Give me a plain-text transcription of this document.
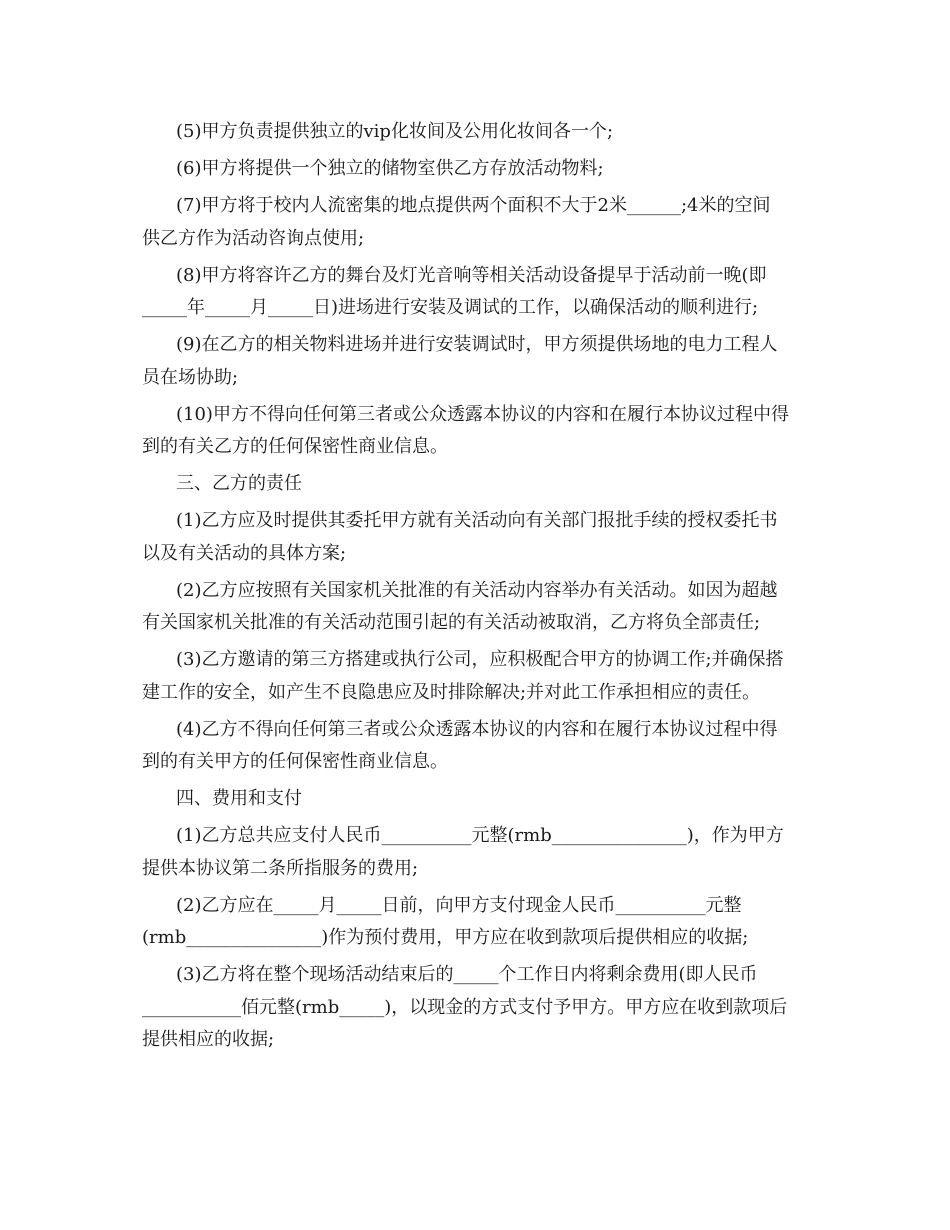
(5)甲方负责提供独立的vip化妆间及公用化妆间各一个;
(6)甲方将提供一个独立的储物室供乙方存放活动物料;
(7)甲方将于校内人流密集的地点提供两个面积不大于2米______;4米的空间
供乙方作为活动咨询点使用;
(8)甲方将容许乙方的舞台及灯光音响等相关活动设备提早于活动前一晚(即
_____年_____月_____日)进场进行安装及调试的工作，以确保活动的顺利进行;
(9)在乙方的相关物料进场并进行安装调试时，甲方须提供场地的电力工程人
员在场协助;
(10)甲方不得向任何第三者或公众透露本协议的内容和在履行本协议过程中得
到的有关乙方的任何保密性商业信息。
三、乙方的责任
(1)乙方应及时提供其委托甲方就有关活动向有关部门报批手续的授权委托书
以及有关活动的具体方案;
(2)乙方应按照有关国家机关批准的有关活动内容举办有关活动。如因为超越
有关国家机关批准的有关活动范围引起的有关活动被取消，乙方将负全部责任;
(3)乙方邀请的第三方搭建或执行公司，应积极配合甲方的协调工作;并确保搭
建工作的安全，如产生不良隐患应及时排除解决;并对此工作承担相应的责任。
(4)乙方不得向任何第三者或公众透露本协议的内容和在履行本协议过程中得
到的有关甲方的任何保密性商业信息。
四、费用和支付
(1)乙方总共应支付人民币__________元整(rmb_______________)，作为甲方
提供本协议第二条所指服务的费用;
(2)乙方应在_____月_____日前，向甲方支付现金人民币__________元整
(rmb_______________)作为预付费用，甲方应在收到款项后提供相应的收据;
(3)乙方将在整个现场活动结束后的_____个工作日内将剩余费用(即人民币
___________佰元整(rmb_____)，以现金的方式支付予甲方。甲方应在收到款项后
提供相应的收据;
